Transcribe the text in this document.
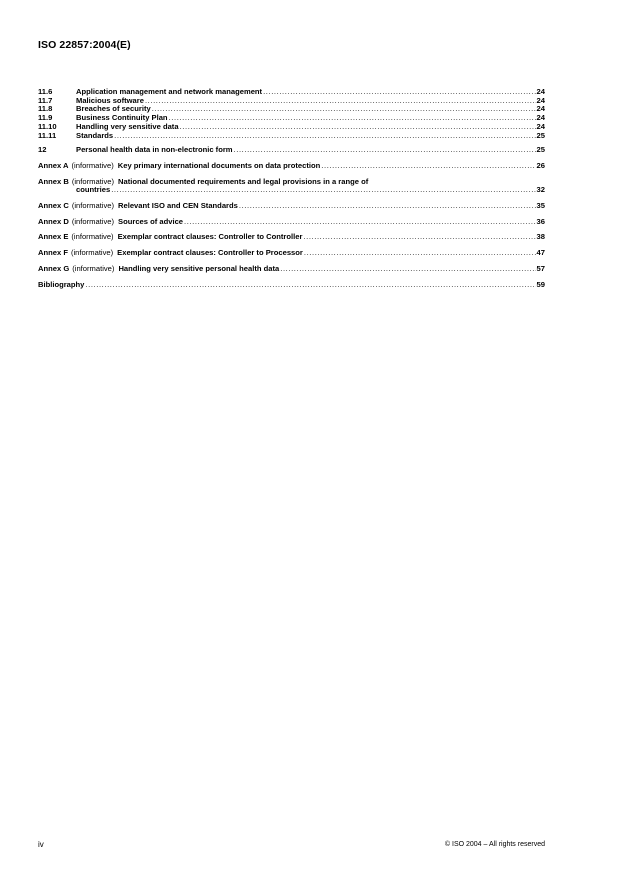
ISO 22857:2004(E)
11.6	Application management and network management .....	24
11.7	Malicious software .....	24
11.8	Breaches of security .....	24
11.9	Business Continuity Plan .....	24
11.10	Handling very sensitive data .....	24
11.11	Standards .....	25
12	Personal health data in non-electronic form .....	25
Annex A (informative) Key primary international documents on data protection .....	26
Annex B (informative) National documented requirements and legal provisions in a range of
countries .....	32
Annex C (informative) Relevant ISO and CEN Standards .....	35
Annex D (informative) Sources of advice .....	36
Annex E (informative) Exemplar contract clauses: Controller to Controller .....	38
Annex F (informative) Exemplar contract clauses: Controller to Processor .....	47
Annex G (informative) Handling very sensitive personal health data .....	57
Bibliography .....	59
iv	© ISO 2004 – All rights reserved
